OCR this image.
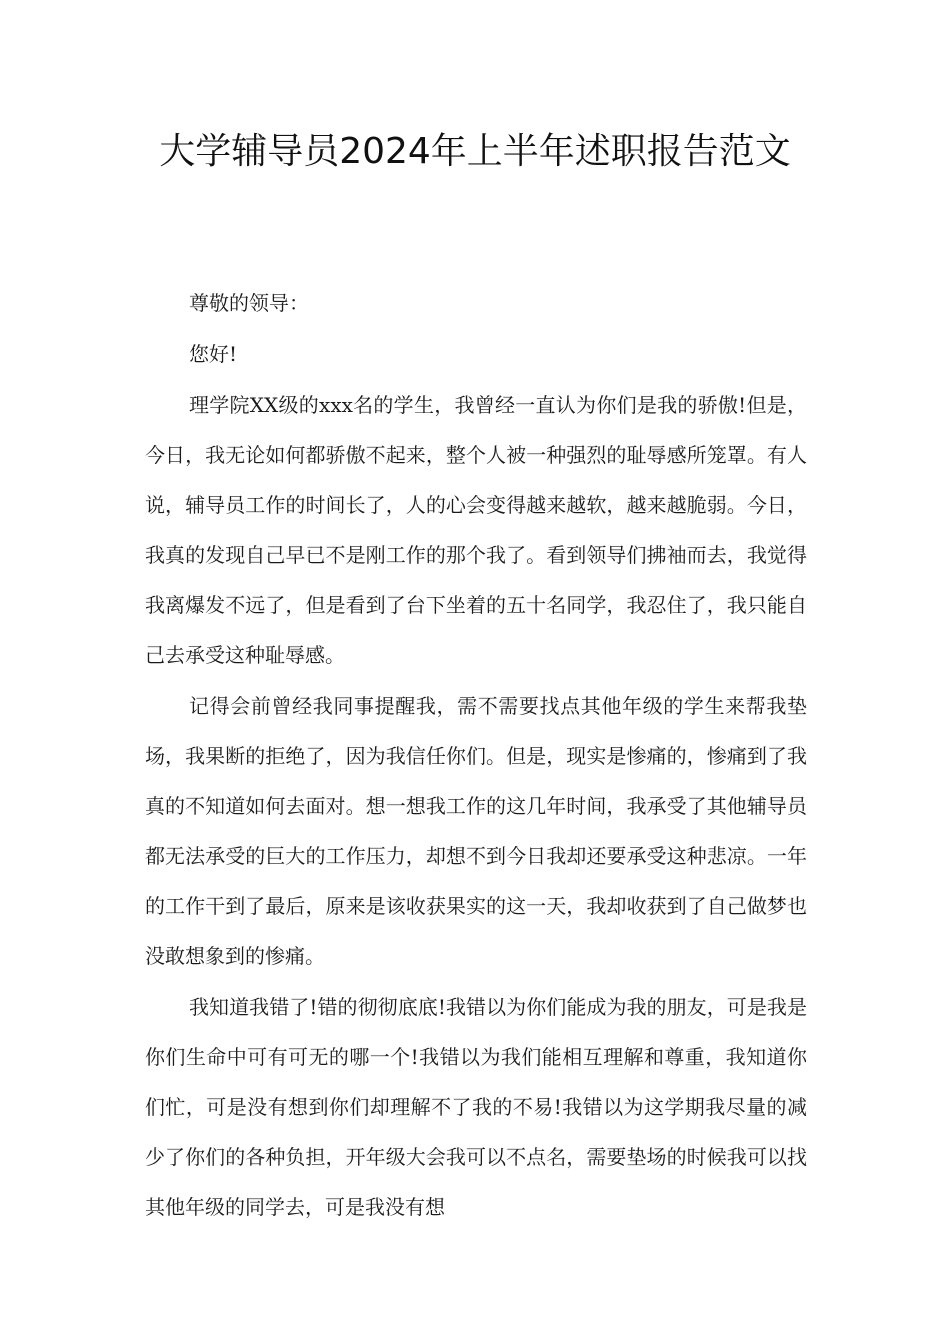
大学辅导员2024年上半年述职报告范文

尊敬的领导：

您好!

理学院XX级的xxx名的学生，我曾经一直认为你们是我的骄傲!但是，今日，我无论如何都骄傲不起来，整个人被一种强烈的耻辱感所笼罩。有人说，辅导员工作的时间长了，人的心会变得越来越软，越来越脆弱。今日，我真的发现自己早已不是刚工作的那个我了。看到领导们拂袖而去，我觉得我离爆发不远了，但是看到了台下坐着的五十名同学，我忍住了，我只能自己去承受这种耻辱感。

记得会前曾经我同事提醒我，需不需要找点其他年级的学生来帮我垫场，我果断的拒绝了，因为我信任你们。但是，现实是惨痛的，惨痛到了我真的不知道如何去面对。想一想我工作的这几年时间，我承受了其他辅导员都无法承受的巨大的工作压力，却想不到今日我却还要承受这种悲凉。一年的工作干到了最后，原来是该收获果实的这一天，我却收获到了自己做梦也没敢想象到的惨痛。

我知道我错了!错的彻彻底底!我错以为你们能成为我的朋友，可是我是你们生命中可有可无的哪一个!我错以为我们能相互理解和尊重，我知道你们忙，可是没有想到你们却理解不了我的不易!我错以为这学期我尽量的减少了你们的各种负担，开年级大会我可以不点名，需要垫场的时候我可以找其他年级的同学去，可是我没有想
